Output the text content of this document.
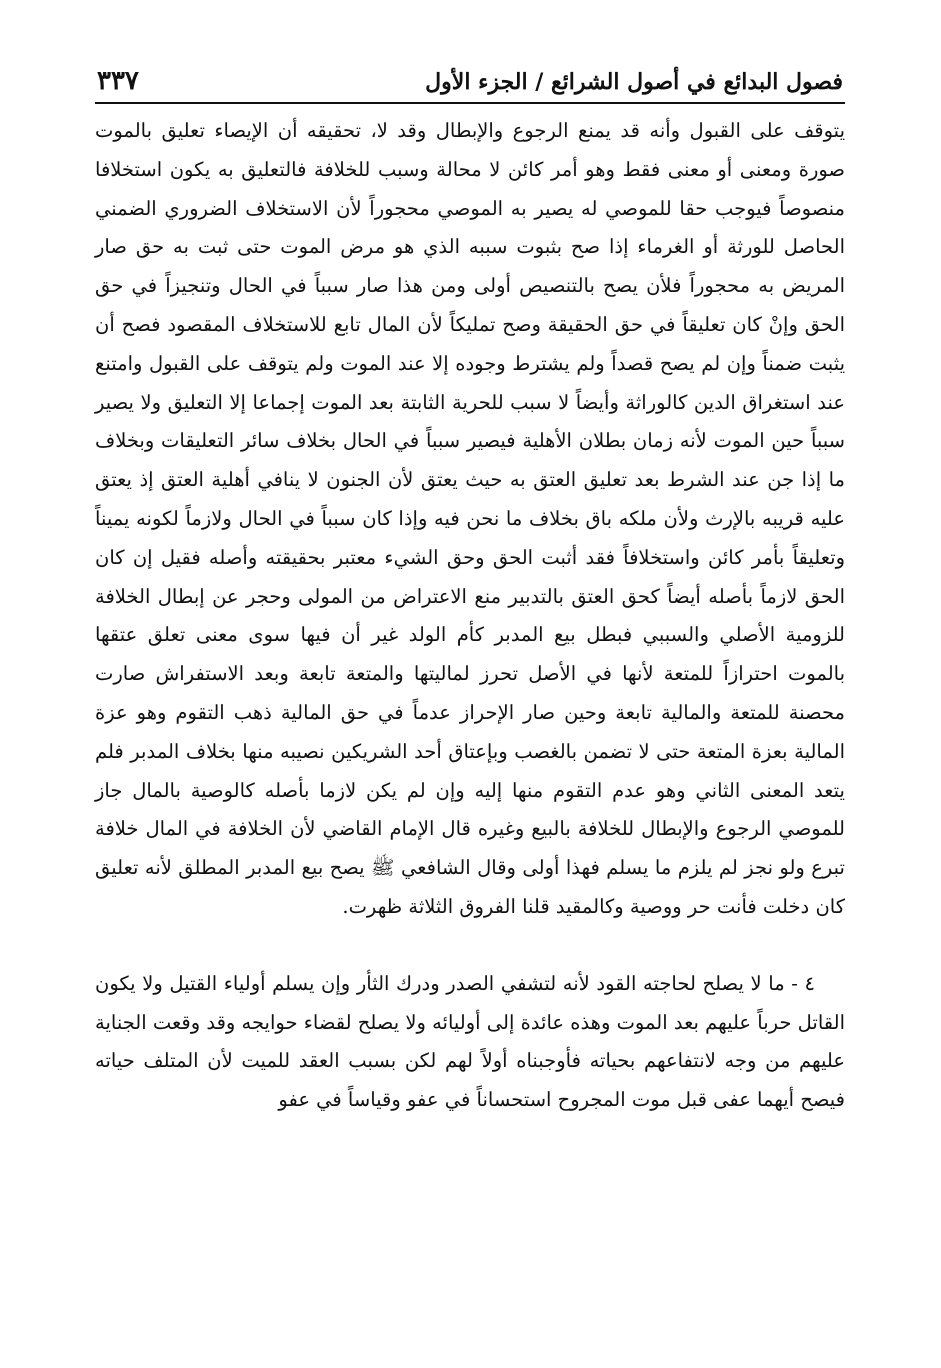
فصول البدائع في أصول الشرائع / الجزء الأول
٣٣٧

يتوقف على القبول وأنه قد يمنع الرجوع والإبطال وقد لا، تحقيقه أن الإيصاء تعليق بالموت صورة ومعنى أو معنى فقط وهو أمر كائن لا محالة وسبب للخلافة فالتعليق به يكون استخلافا منصوصاً فيوجب حقا للموصي له يصير به الموصي محجوراً لأن الاستخلاف الضروري الضمني الحاصل للورثة أو الغرماء إذا صح بثبوت سببه الذي هو مرض الموت حتى ثبت به حق صار المريض به محجوراً فلأن يصح بالتنصيص أولى ومن هذا صار سبباً في الحال وتنجيزاً في حق الحق وإنْ كان تعليقاً في حق الحقيقة وصح تمليكاً لأن المال تابع للاستخلاف المقصود فصح أن يثبت ضمناً وإن لم يصح قصداً ولم يشترط وجوده إلا عند الموت ولم يتوقف على القبول وامتنع عند استغراق الدين كالوراثة وأيضاً لا سبب للحرية الثابتة بعد الموت إجماعا إلا التعليق ولا يصير سبباً حين الموت لأنه زمان بطلان الأهلية فيصير سبباً في الحال بخلاف سائر التعليقات وبخلاف ما إذا جن عند الشرط بعد تعليق العتق به حيث يعتق لأن الجنون لا ينافي أهلية العتق إذ يعتق عليه قريبه بالإرث ولأن ملكه باق بخلاف ما نحن فيه وإذا كان سبباً في الحال ولازماً لكونه يميناً وتعليقاً بأمر كائن واستخلافاً فقد أثبت الحق وحق الشيء معتبر بحقيقته وأصله فقيل إن كان الحق لازماً بأصله أيضاً كحق العتق بالتدبير منع الاعتراض من المولى وحجر عن إبطال الخلافة للزومية الأصلي والسببي فبطل بيع المدبر كأم الولد غير أن فيها سوى معنى تعلق عتقها بالموت احترازاً للمتعة لأنها في الأصل تحرز لماليتها والمتعة تابعة وبعد الاستفراش صارت محصنة للمتعة والمالية تابعة وحين صار الإحراز عدماً في حق المالية ذهب التقوم وهو عزة المالية بعزة المتعة حتى لا تضمن بالغصب وبإعتاق أحد الشريكين نصيبه منها بخلاف المدبر فلم يتعد المعنى الثاني وهو عدم التقوم منها إليه وإن لم يكن لازما بأصله كالوصية بالمال جاز للموصي الرجوع والإبطال للخلافة بالبيع وغيره قال الإمام القاضي لأن الخلافة في المال خلافة تبرع ولو نجز لم يلزم ما يسلم فهذا أولى وقال الشافعي ﷺ يصح بيع المدبر المطلق لأنه تعليق كان دخلت فأنت حر ووصية وكالمقيد قلنا الفروق الثلاثة ظهرت.

٤ - ما لا يصلح لحاجته القود لأنه لتشفي الصدر ودرك الثأر وإن يسلم أولياء القتيل ولا يكون القاتل حرباً عليهم بعد الموت وهذه عائدة إلى أوليائه ولا يصلح لقضاء حوايجه وقد وقعت الجناية عليهم من وجه لانتفاعهم بحياته فأوجبناه أولاً لهم لكن بسبب العقد للميت لأن المتلف حياته فيصح أيهما عفى قبل موت المجروح استحساناً في عفو وقياساً في عفو
